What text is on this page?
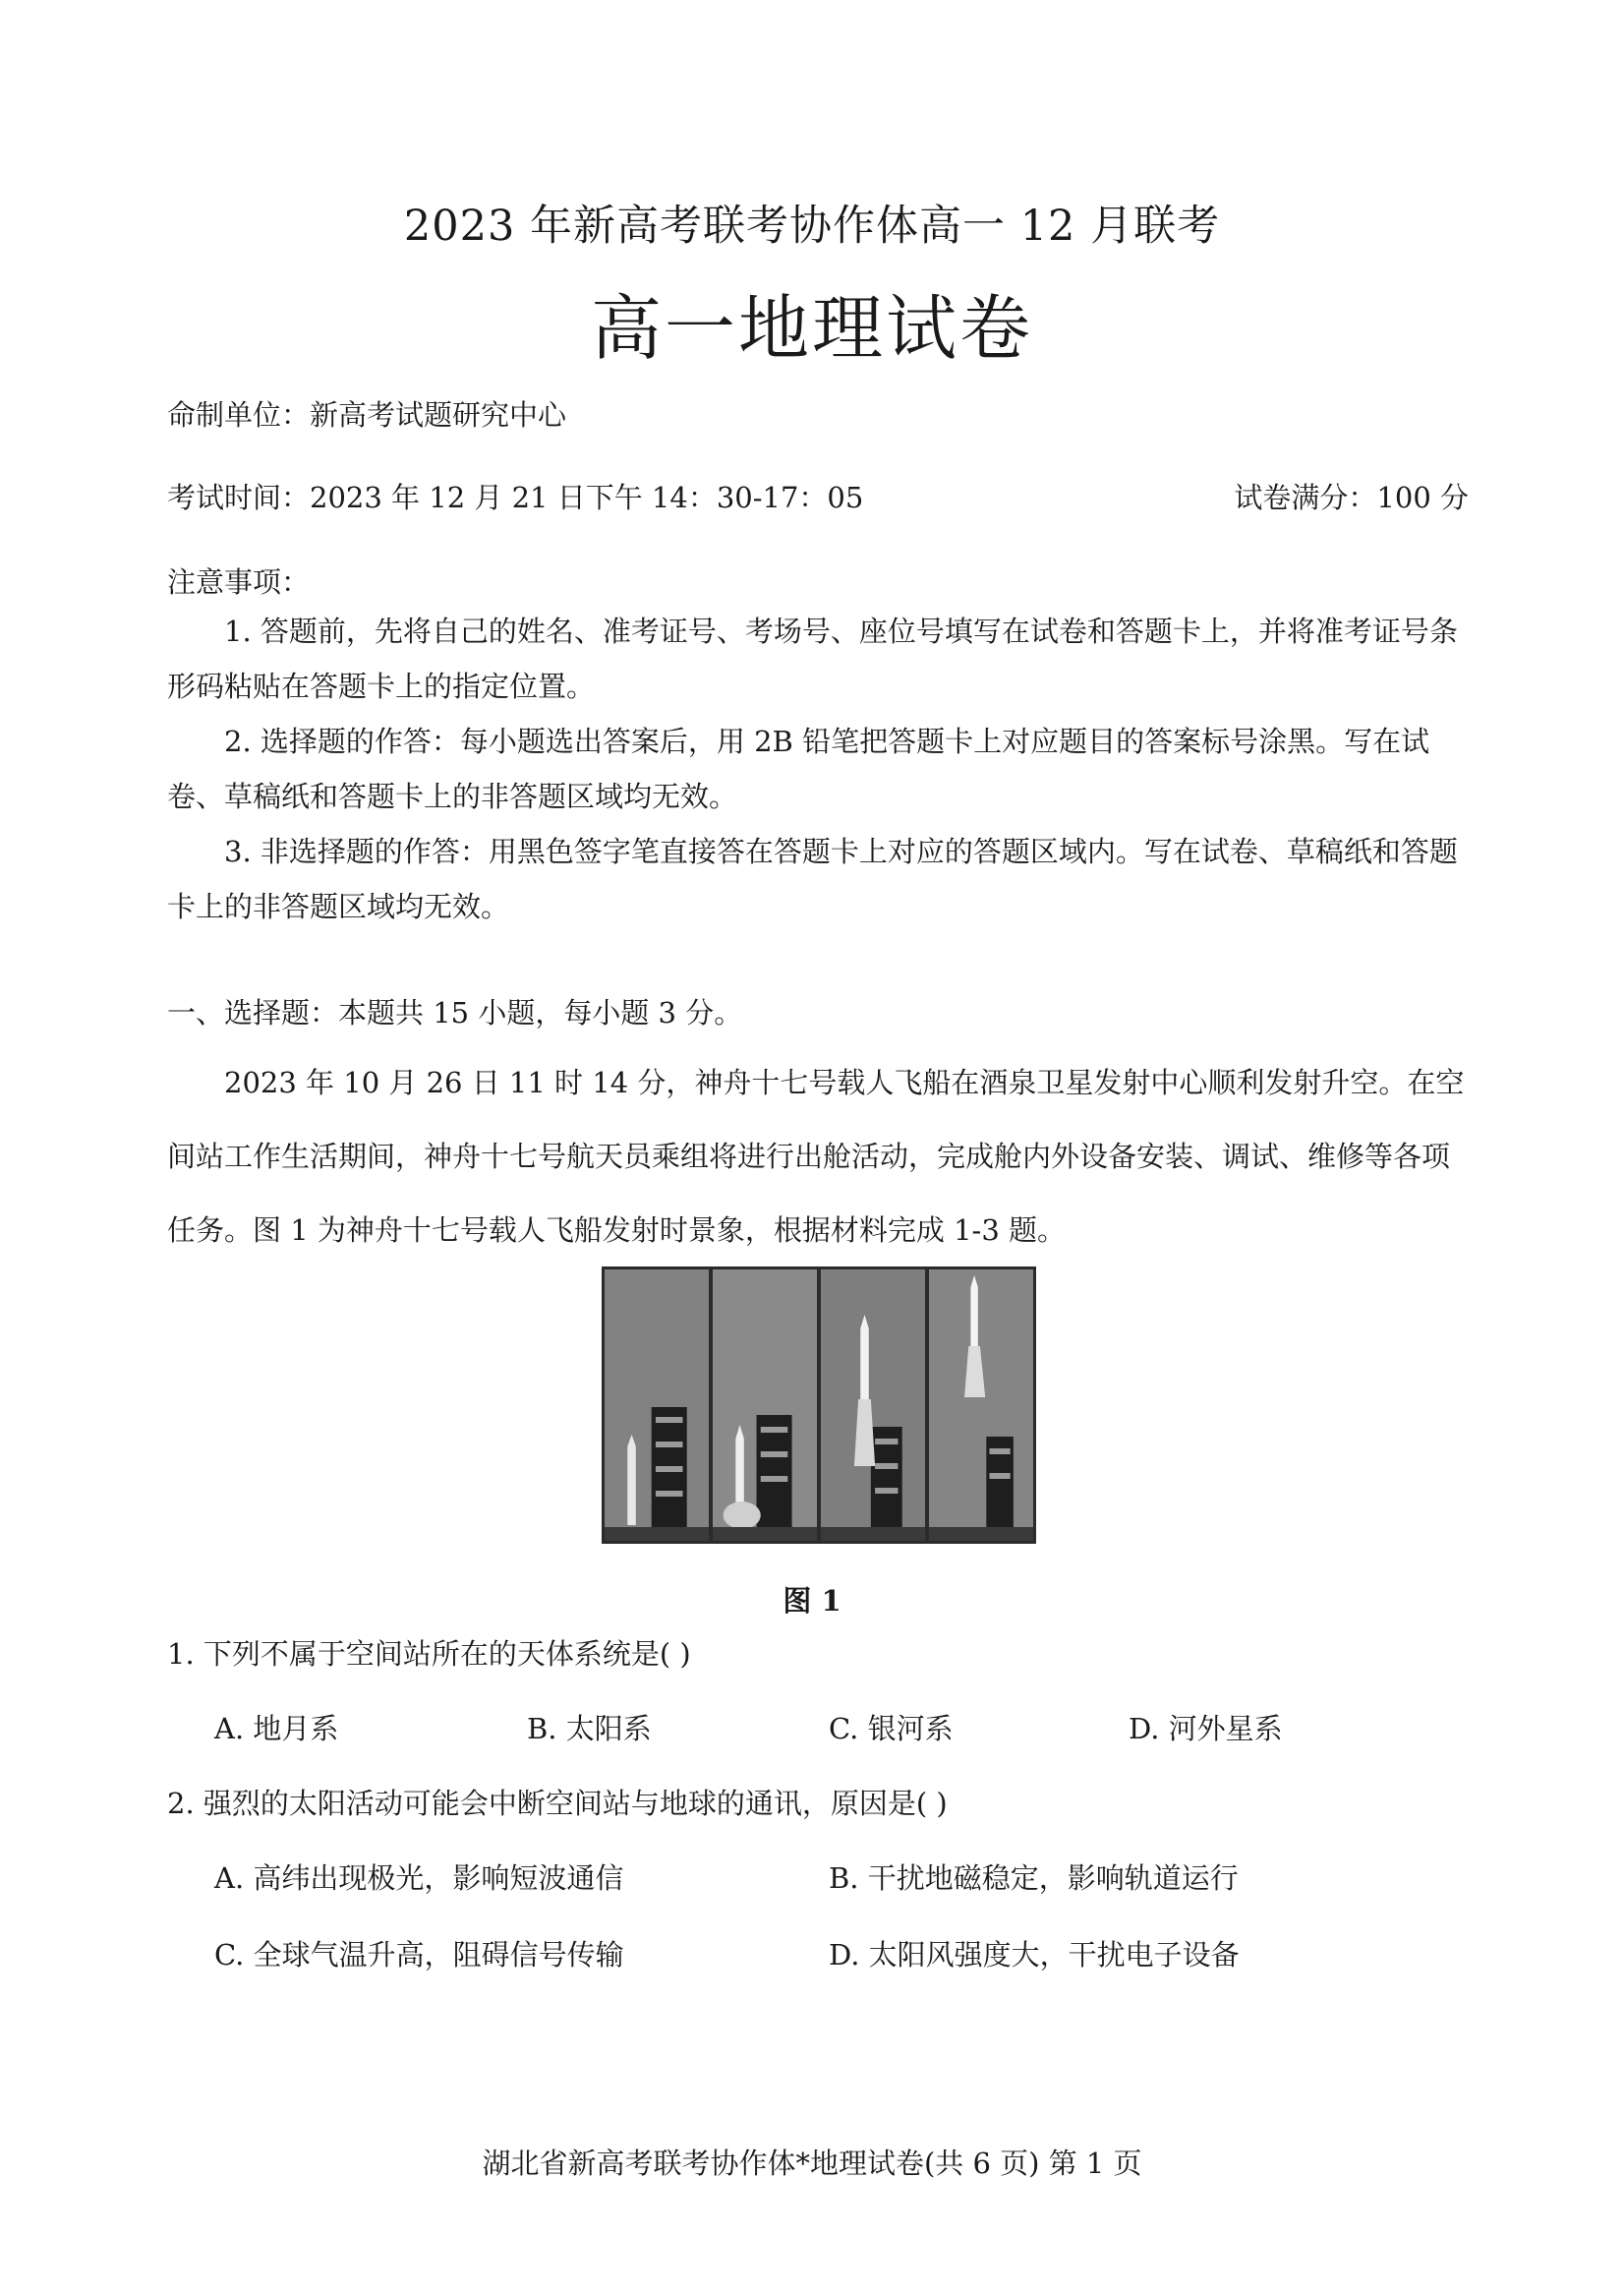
2023 年新高考联考协作体高一 12 月联考
高一地理试卷
命制单位：新高考试题研究中心
考试时间：2023 年 12 月 21 日下午 14：30-17：05	试卷满分：100 分
注意事项：
1. 答题前，先将自己的姓名、准考证号、考场号、座位号填写在试卷和答题卡上，并将准考证号条形码粘贴在答题卡上的指定位置。
2. 选择题的作答：每小题选出答案后，用 2B 铅笔把答题卡上对应题目的答案标号涂黑。写在试卷、草稿纸和答题卡上的非答题区域均无效。
3. 非选择题的作答：用黑色签字笔直接答在答题卡上对应的答题区域内。写在试卷、草稿纸和答题卡上的非答题区域均无效。
一、选择题：本题共 15 小题，每小题 3 分。
2023 年 10 月 26 日 11 时 14 分，神舟十七号载人飞船在酒泉卫星发射中心顺利发射升空。在空间站工作生活期间，神舟十七号航天员乘组将进行出舱活动，完成舱内外设备安装、调试、维修等各项任务。图 1 为神舟十七号载人飞船发射时景象，根据材料完成 1-3 题。
图 1
1. 下列不属于空间站所在的天体系统是( )
A. 地月系	B. 太阳系	C. 银河系	D. 河外星系
2. 强烈的太阳活动可能会中断空间站与地球的通讯，原因是( )
A. 高纬出现极光，影响短波通信	B. 干扰地磁稳定，影响轨道运行
C. 全球气温升高，阻碍信号传输	D. 太阳风强度大，干扰电子设备
湖北省新高考联考协作体*地理试卷(共 6 页) 第 1 页
